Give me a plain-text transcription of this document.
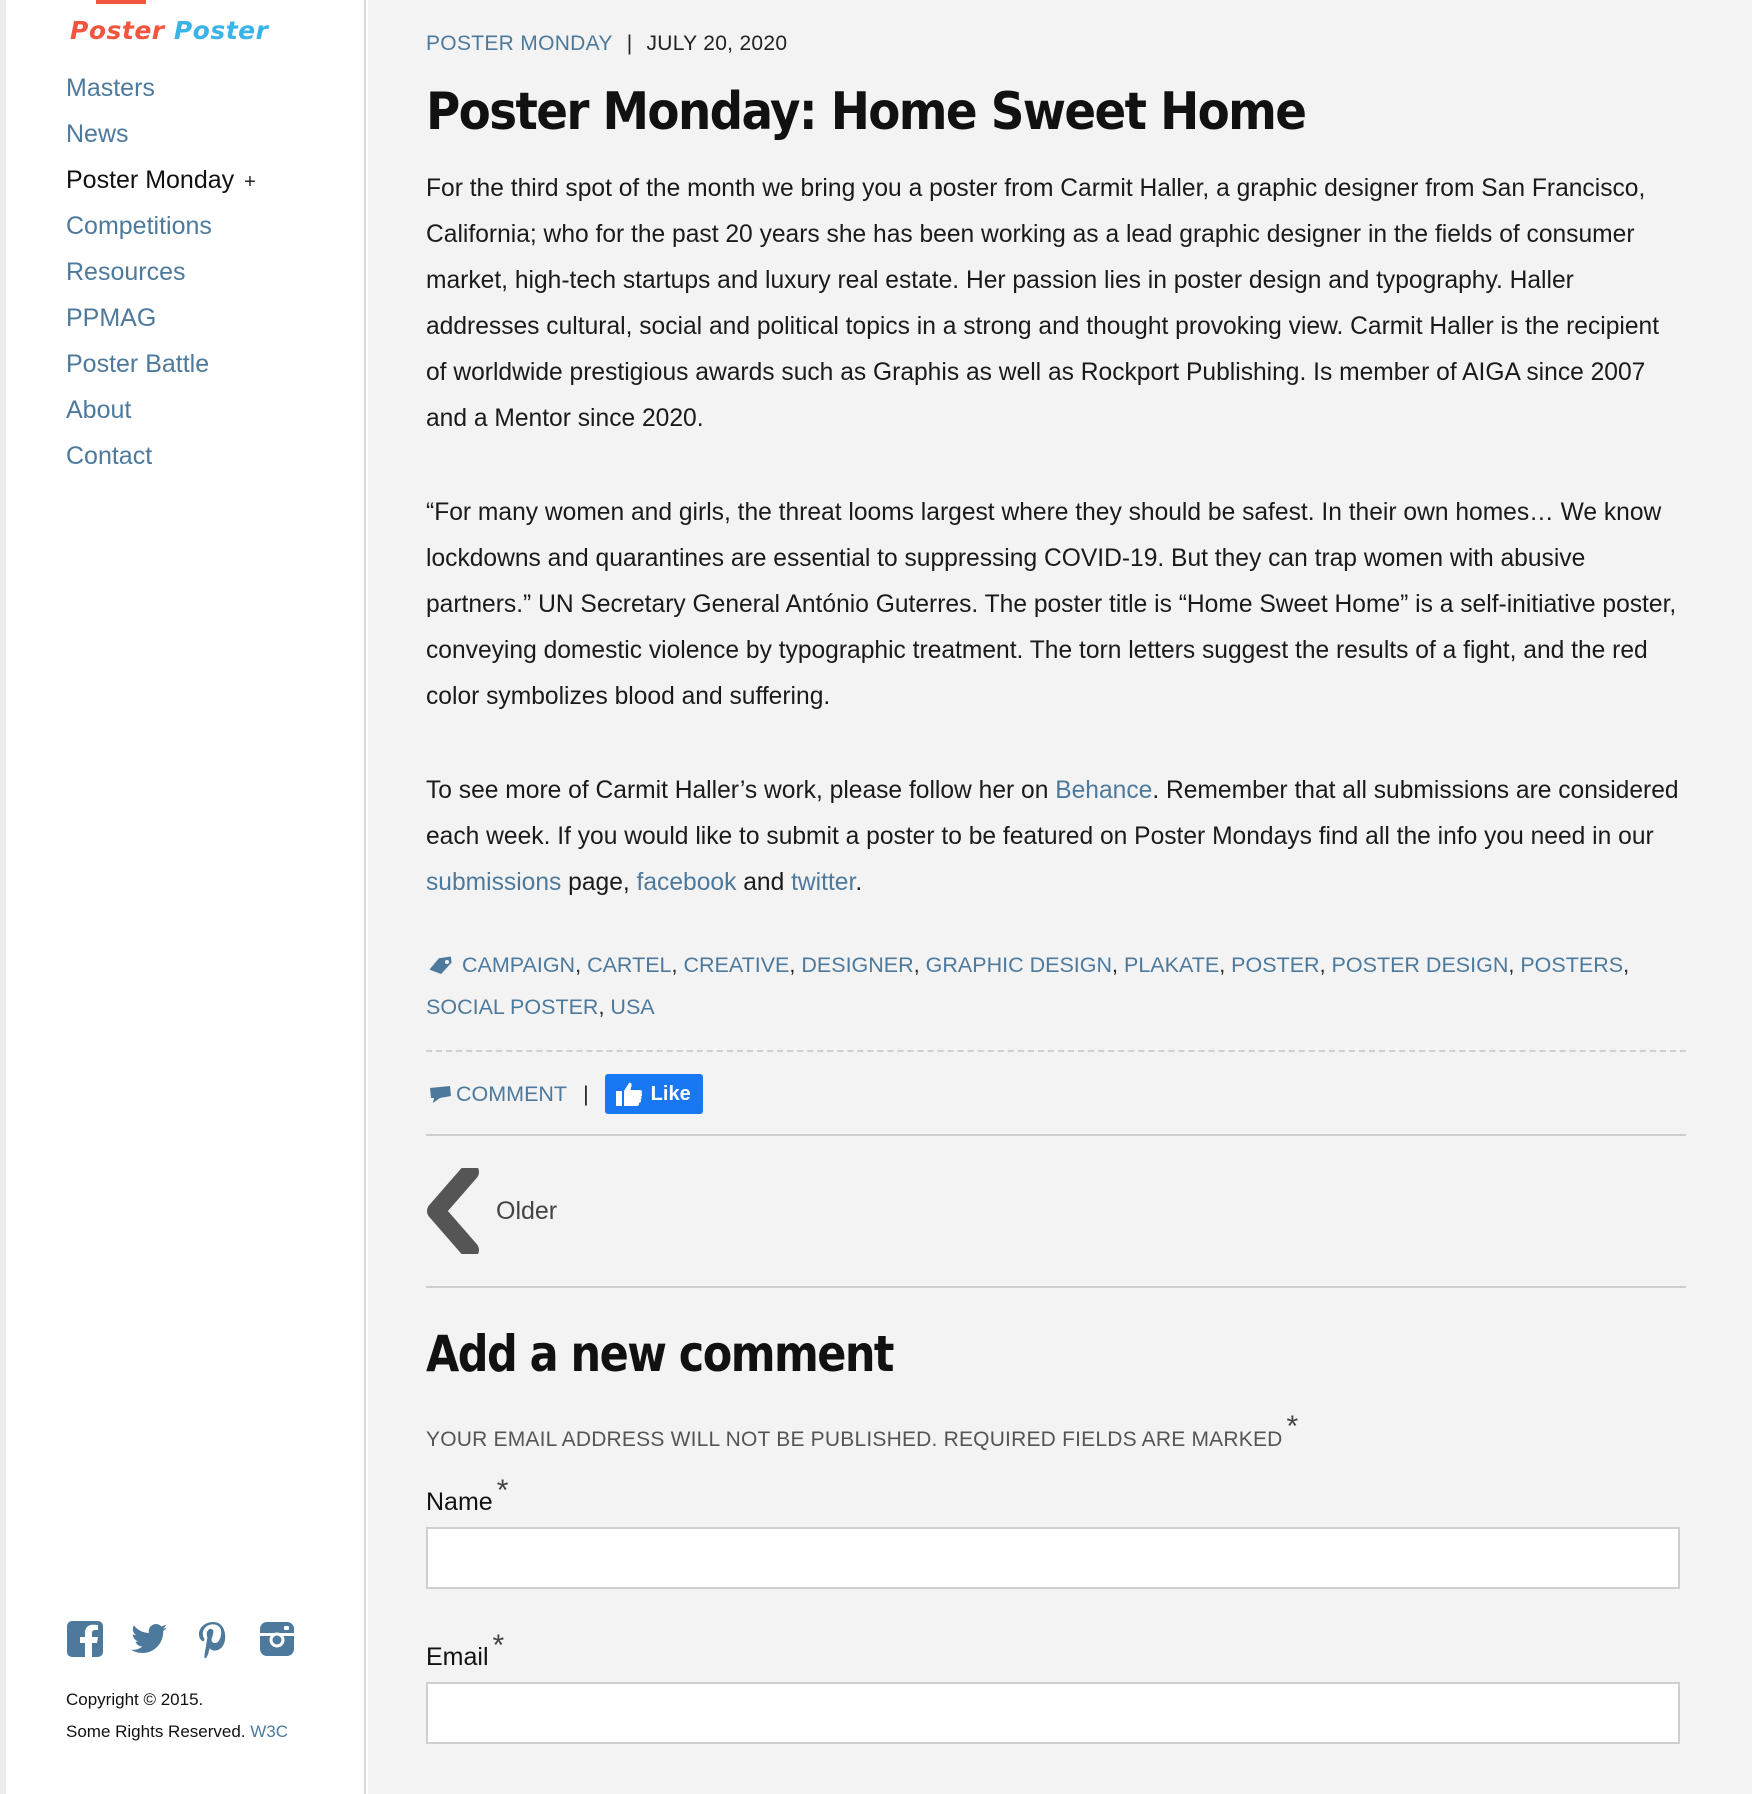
Poster Poster
Masters
News
Poster Monday +
Competitions
Resources
PPMAG
Poster Battle
About
Contact
Copyright © 2015.
Some Rights Reserved. W3C
POSTER MONDAY | JULY 20, 2020
Poster Monday: Home Sweet Home

For the third spot of the month we bring you a poster from Carmit Haller, a graphic designer from San Francisco, California; who for the past 20 years she has been working as a lead graphic designer in the fields of consumer market, high-tech startups and luxury real estate. Her passion lies in poster design and typography. Haller addresses cultural, social and political topics in a strong and thought provoking view. Carmit Haller is the recipient of worldwide prestigious awards such as Graphis as well as Rockport Publishing. Is member of AIGA since 2007 and a Mentor since 2020.

“For many women and girls, the threat looms largest where they should be safest. In their own homes… We know lockdowns and quarantines are essential to suppressing COVID-19. But they can trap women with abusive partners.” UN Secretary General António Guterres. The poster title is “Home Sweet Home” is a self-initiative poster, conveying domestic violence by typographic treatment. The torn letters suggest the results of a fight, and the red color symbolizes blood and suffering.

To see more of Carmit Haller’s work, please follow her on Behance. Remember that all submissions are considered each week. If you would like to submit a poster to be featured on Poster Mondays find all the info you need in our submissions page, facebook and twitter.

CAMPAIGN, CARTEL, CREATIVE, DESIGNER, GRAPHIC DESIGN, PLAKATE, POSTER, POSTER DESIGN, POSTERS,
SOCIAL POSTER, USA
COMMENT |	Like
Older
Add a new comment
YOUR EMAIL ADDRESS WILL NOT BE PUBLISHED. REQUIRED FIELDS ARE MARKED *
Name *
Email *
